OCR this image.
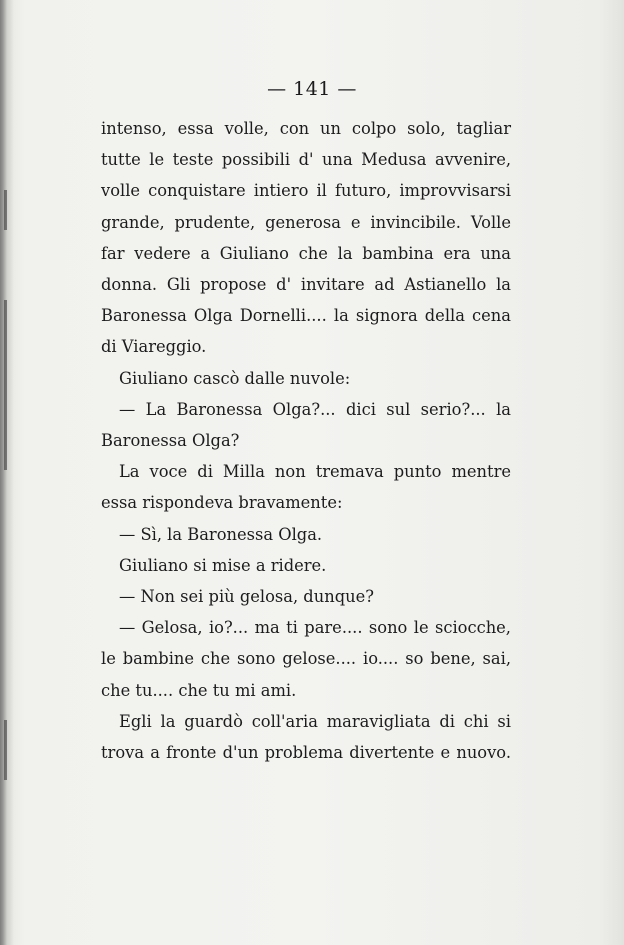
— 141 —
intenso, essa volle, con un colpo solo, tagliar
tutte le teste possibili d' una Medusa avvenire,
volle conquistare intiero il futuro, improvvisarsi
grande, prudente, generosa e invincibile. Volle
far vedere a Giuliano che la bambina era una
donna. Gli propose d' invitare ad Astianello la
Baronessa Olga Dornelli.... la signora della cena
di Viareggio.
Giuliano cascò dalle nuvole:
— La Baronessa Olga?... dici sul serio?... la
Baronessa Olga?
La voce di Milla non tremava punto mentre
essa rispondeva bravamente:
— Sì, la Baronessa Olga.
Giuliano si mise a ridere.
— Non sei più gelosa, dunque?
— Gelosa, io?... ma ti pare.... sono le sciocche,
le bambine che sono gelose.... io.... so bene, sai,
che tu.... che tu mi ami.
Egli la guardò coll'aria maravigliata di chi si
trova a fronte d'un problema divertente e nuovo.
